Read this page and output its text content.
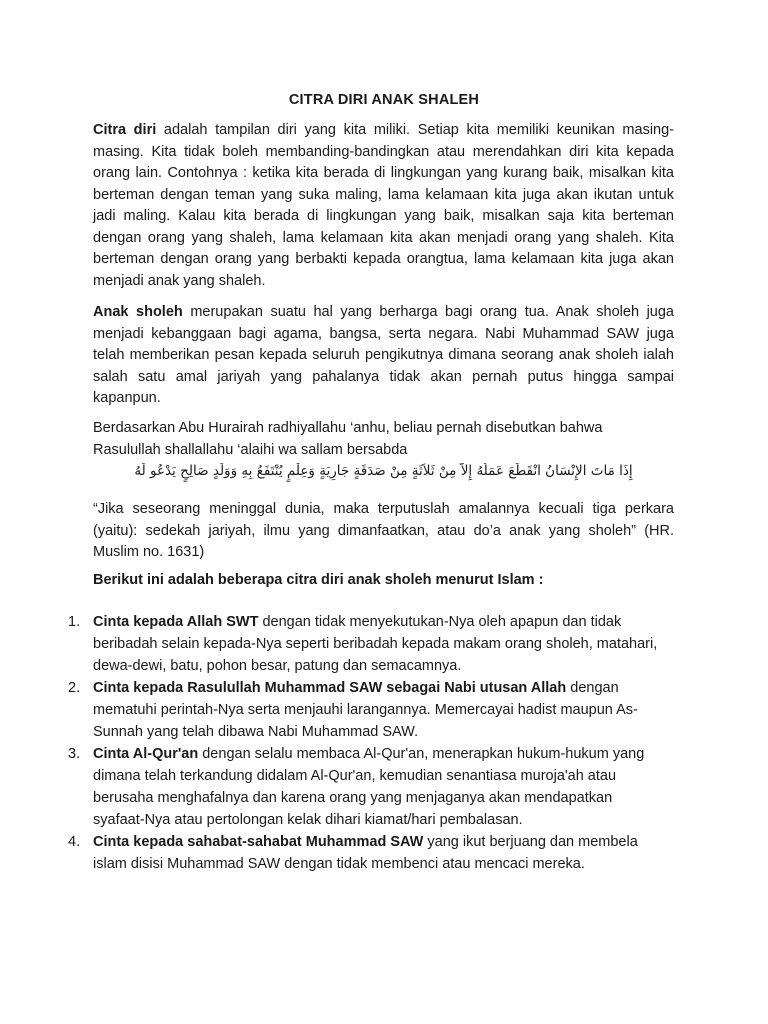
CITRA DIRI ANAK SHALEH

Citra diri adalah tampilan diri yang kita miliki. Setiap kita memiliki keunikan masing-masing. Kita tidak boleh membanding-bandingkan atau merendahkan diri kita kepada orang lain. Contohnya : ketika kita berada di lingkungan yang kurang baik, misalkan kita berteman dengan teman yang suka maling, lama kelamaan kita juga akan ikutan untuk jadi maling. Kalau kita berada di lingkungan yang baik, misalkan saja kita berteman dengan orang yang shaleh, lama kelamaan kita akan menjadi orang yang shaleh. Kita berteman dengan orang yang berbakti kepada orangtua, lama kelamaan kita juga akan menjadi anak yang shaleh.

Anak sholeh merupakan suatu hal yang berharga bagi orang tua. Anak sholeh juga menjadi kebanggaan bagi agama, bangsa, serta negara. Nabi Muhammad SAW juga telah memberikan pesan kepada seluruh pengikutnya dimana seorang anak sholeh ialah salah satu amal jariyah yang pahalanya tidak akan pernah putus hingga sampai kapanpun.

Berdasarkan Abu Hurairah radhiyallahu ‘anhu, beliau pernah disebutkan bahwa Rasulullah shallallahu ‘alaihi wa sallam bersabda

إِذَا مَاتَ الإِنْسَانُ انْقَطَعَ عَمَلُهُ إِلاَّ مِنْ ثَلاَثَةٍ مِنْ صَدَقَةٍ جَارِيَةٍ وَعِلْمٍ يُنْتَفَعُ بِهِ وَوَلَدٍ صَالِحٍ يَدْعُو لَهُ

“Jika seseorang meninggal dunia, maka terputuslah amalannya kecuali tiga perkara (yaitu): sedekah jariyah, ilmu yang dimanfaatkan, atau do’a anak yang sholeh” (HR. Muslim no. 1631)

Berikut ini adalah beberapa citra diri anak sholeh menurut Islam :
1. Cinta kepada Allah SWT dengan tidak menyekutukan-Nya oleh apapun dan tidak beribadah selain kepada-Nya seperti beribadah kepada makam orang sholeh, matahari, dewa-dewi, batu, pohon besar, patung dan semacamnya.
2. Cinta kepada Rasulullah Muhammad SAW sebagai Nabi utusan Allah dengan mematuhi perintah-Nya serta menjauhi larangannya. Memercayai hadist maupun As-Sunnah yang telah dibawa Nabi Muhammad SAW.
3. Cinta Al-Qur'an dengan selalu membaca Al-Qur'an, menerapkan hukum-hukum yang dimana telah terkandung didalam Al-Qur'an, kemudian senantiasa muroja'ah atau berusaha menghafalnya dan karena orang yang menjaganya akan mendapatkan syafaat-Nya atau pertolongan kelak dihari kiamat/hari pembalasan.
4. Cinta kepada sahabat-sahabat Muhammad SAW yang ikut berjuang dan membela islam disisi Muhammad SAW dengan tidak membenci atau mencaci mereka.
